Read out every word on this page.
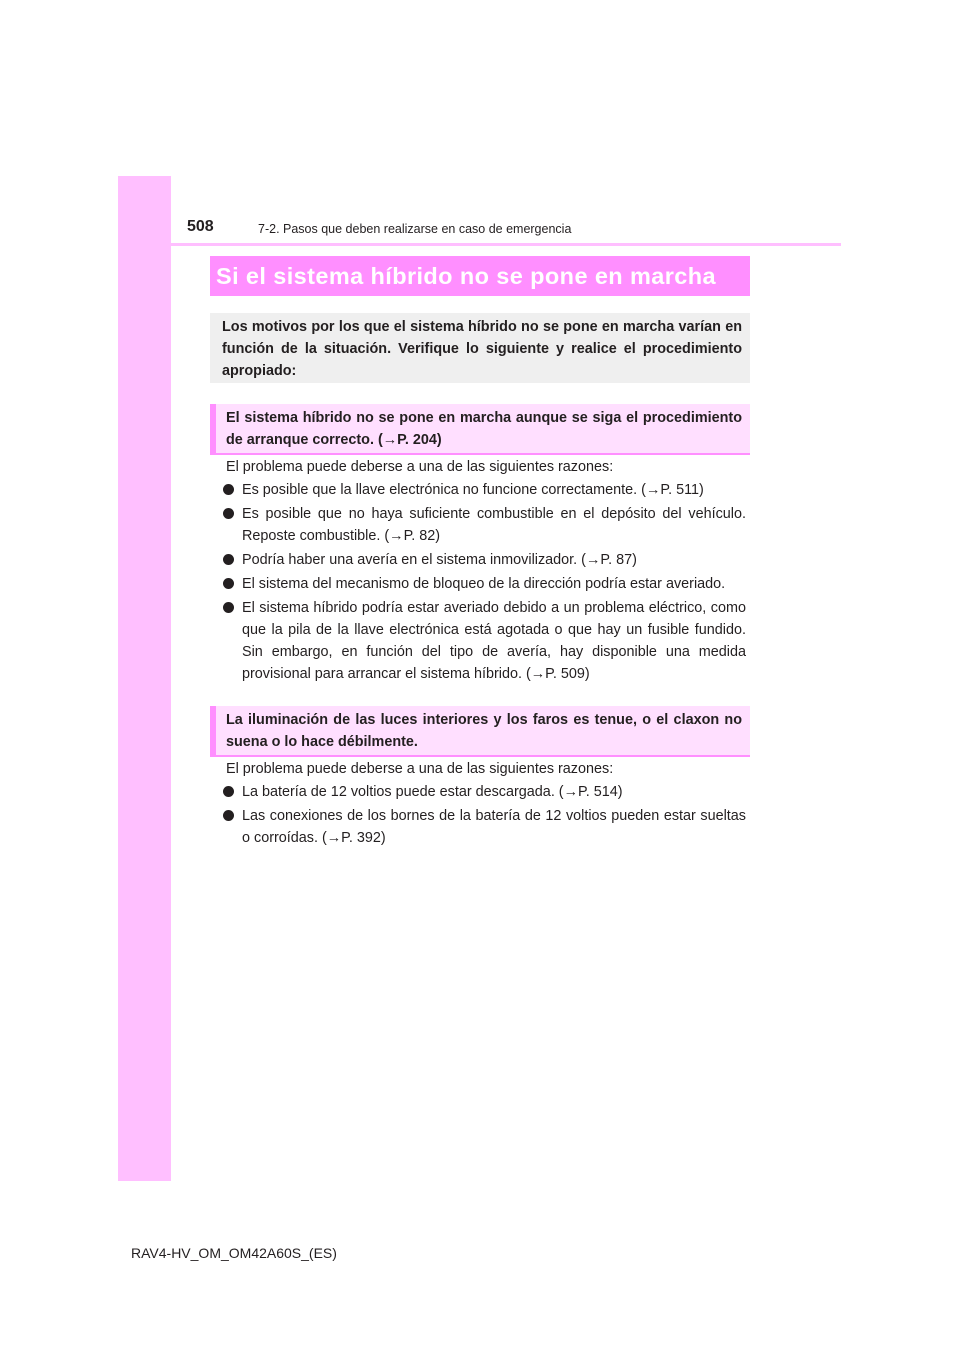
508	7-2. Pasos que deben realizarse en caso de emergencia
Si el sistema híbrido no se pone en marcha
Los motivos por los que el sistema híbrido no se pone en marcha varían en función de la situación. Verifique lo siguiente y realice el procedimiento apropiado:
El sistema híbrido no se pone en marcha aunque se siga el procedimiento de arranque correcto. (→P. 204)
El problema puede deberse a una de las siguientes razones:
Es posible que la llave electrónica no funcione correctamente. (→P. 511)
Es posible que no haya suficiente combustible en el depósito del vehículo. Reposte combustible. (→P. 82)
Podría haber una avería en el sistema inmovilizador. (→P. 87)
El sistema del mecanismo de bloqueo de la dirección podría estar averiado.
El sistema híbrido podría estar averiado debido a un problema eléctrico, como que la pila de la llave electrónica está agotada o que hay un fusible fundido. Sin embargo, en función del tipo de avería, hay disponible una medida provisional para arrancar el sistema híbrido. (→P. 509)
La iluminación de las luces interiores y los faros es tenue, o el claxon no suena o lo hace débilmente.
El problema puede deberse a una de las siguientes razones:
La batería de 12 voltios puede estar descargada. (→P. 514)
Las conexiones de los bornes de la batería de 12 voltios pueden estar sueltas o corroídas. (→P. 392)
RAV4-HV_OM_OM42A60S_(ES)
